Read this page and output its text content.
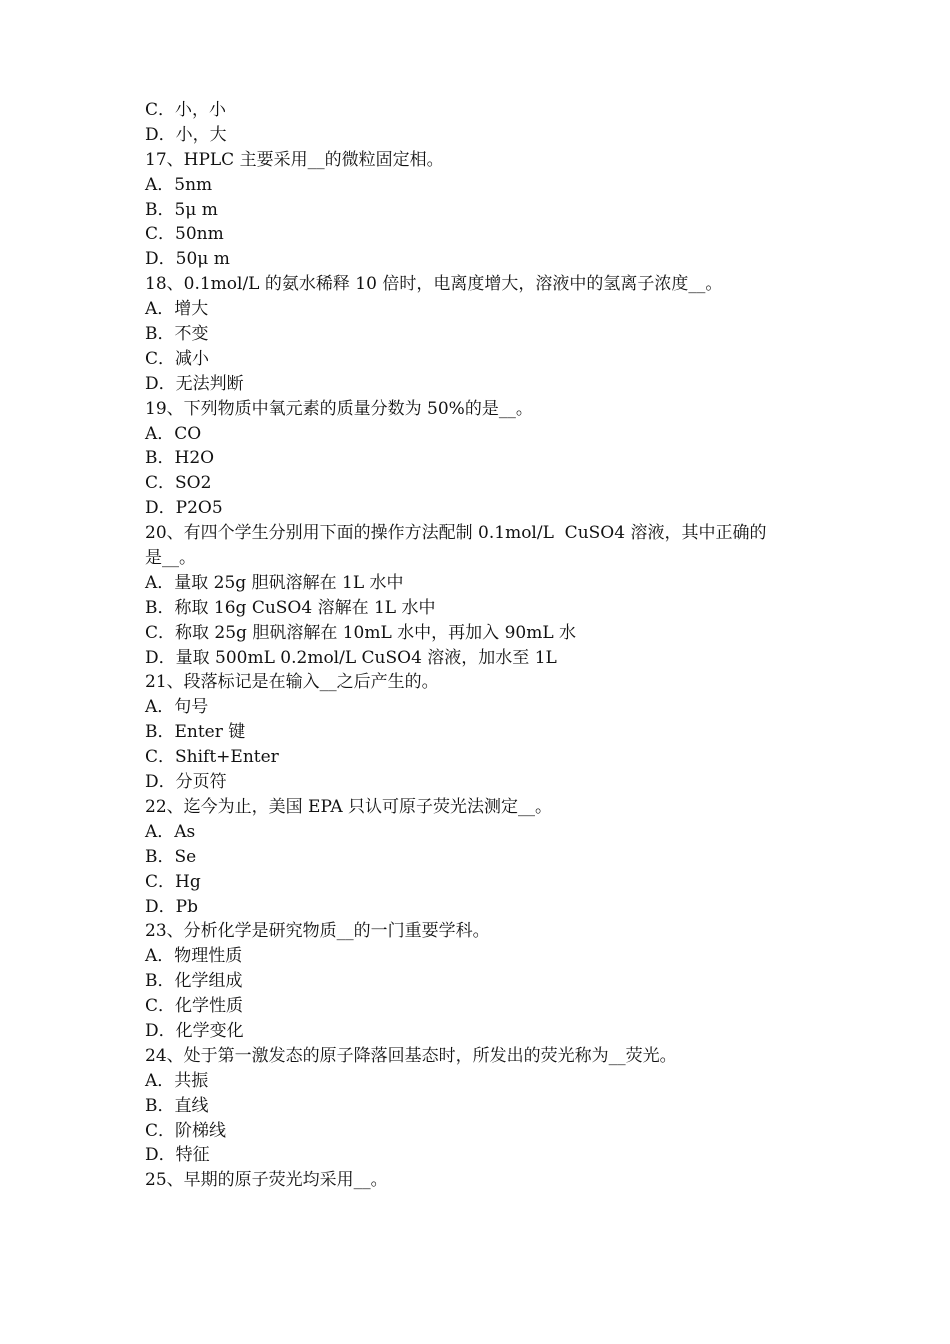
C．小，小
D．小，大
17、HPLC 主要采用__的微粒固定相。
A．5nm
B．5μ m
C．50nm
D．50μ m
18、0.1mol/L 的氨水稀释 10 倍时，电离度增大，溶液中的氢离子浓度__。
A．增大
B．不变
C．减小
D．无法判断
19、下列物质中氧元素的质量分数为 50%的是__。
A．CO
B．H2O
C．SO2
D．P2O5
20、有四个学生分别用下面的操作方法配制 0.1mol/L  CuSO4 溶液，其中正确的
是__。
A．量取 25g 胆矾溶解在 1L 水中
B．称取 16g CuSO4 溶解在 1L 水中
C．称取 25g 胆矾溶解在 10mL 水中，再加入 90mL 水
D．量取 500mL 0.2mol/L CuSO4 溶液，加水至 1L
21、段落标记是在输入__之后产生的。
A．句号
B．Enter 键
C．Shift+Enter
D．分页符
22、迄今为止，美国 EPA 只认可原子荧光法测定__。
A．As
B．Se
C．Hg
D．Pb
23、分析化学是研究物质__的一门重要学科。
A．物理性质
B．化学组成
C．化学性质
D．化学变化
24、处于第一激发态的原子降落回基态时，所发出的荧光称为__荧光。
A．共振
B．直线
C．阶梯线
D．特征
25、早期的原子荧光均采用__。
